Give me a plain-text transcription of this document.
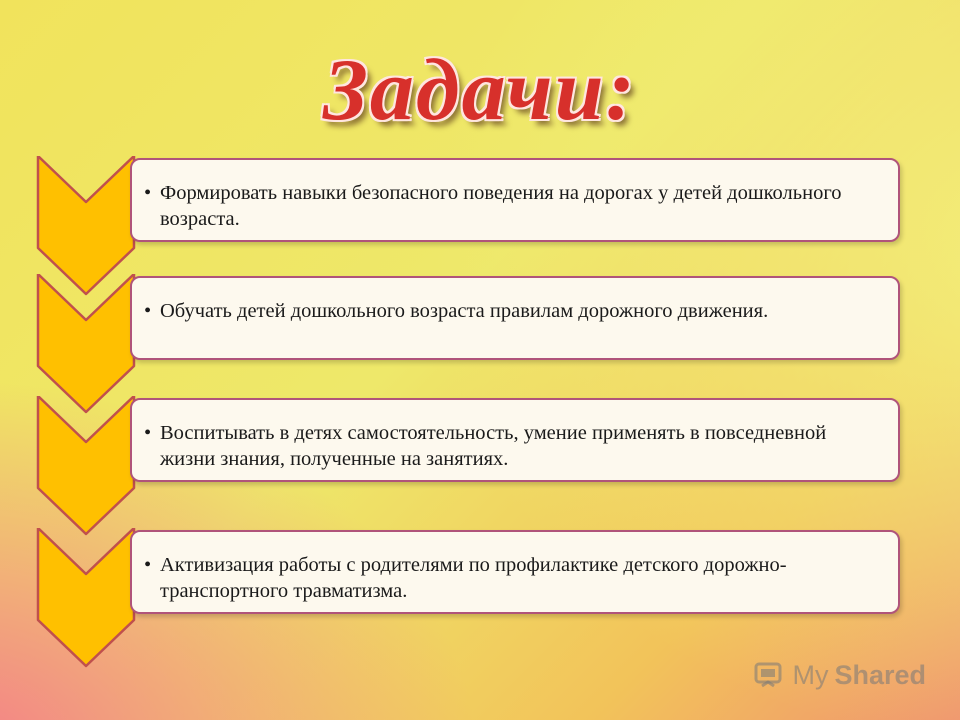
Задачи:
• Формировать навыки безопасного поведения на дорогах у детей дошкольного возраста.
• Обучать детей дошкольного возраста правилам дорожного движения.
• Воспитывать в детях самостоятельность, умение применять в повседневной жизни знания, полученные на занятиях.
• Активизация работы с родителями по профилактике детского дорожно-транспортного травматизма.
My Shared
